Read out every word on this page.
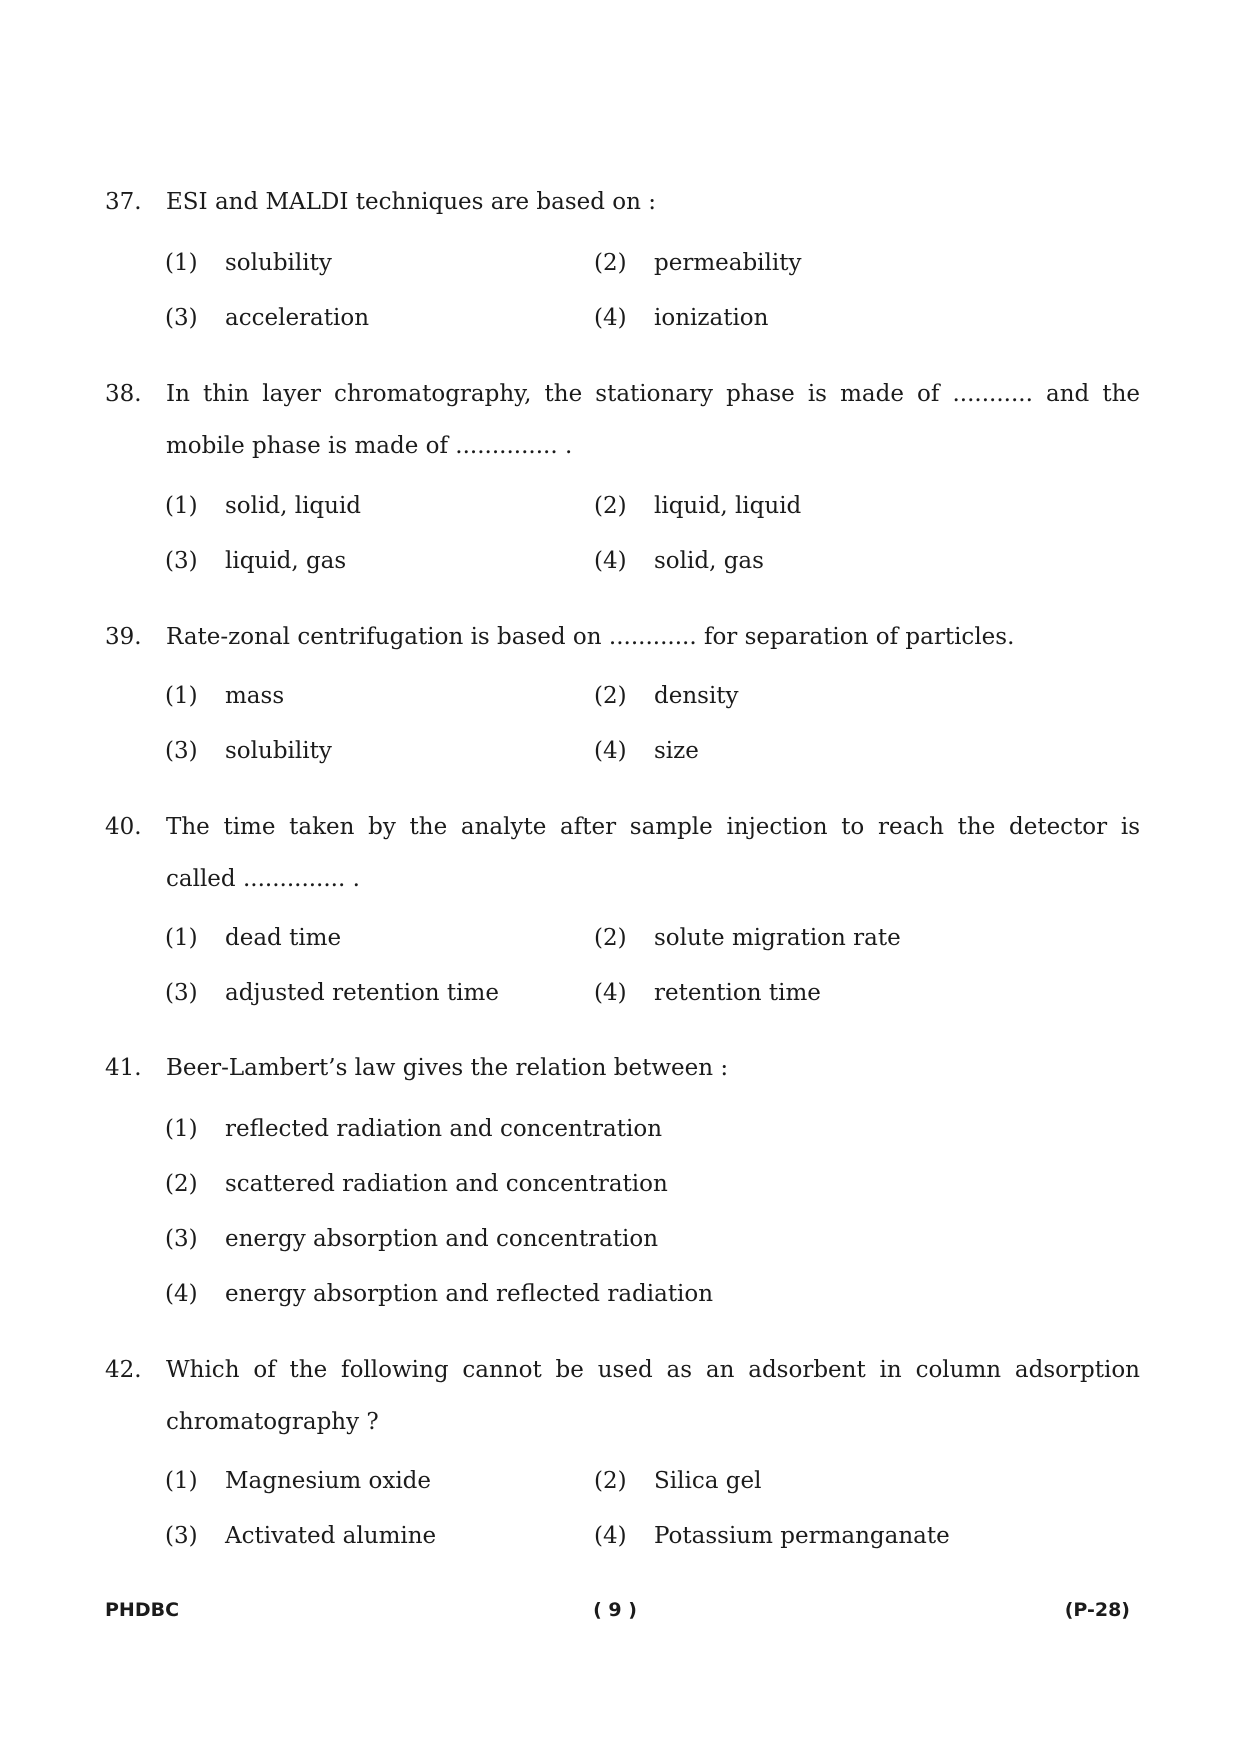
37. ESI and MALDI techniques are based on :
(1) solubility	(2) permeability
(3) acceleration	(4) ionization
38. In thin layer chromatography, the stationary phase is made of ........... and the
mobile phase is made of .............. .
(1) solid, liquid	(2) liquid, liquid
(3) liquid, gas	(4) solid, gas
39. Rate-zonal centrifugation is based on ............ for separation of particles.
(1) mass	(2) density
(3) solubility	(4) size
40. The time taken by the analyte after sample injection to reach the detector is
called .............. .
(1) dead time	(2) solute migration rate
(3) adjusted retention time	(4) retention time
41. Beer-Lambert’s law gives the relation between :
(1) reflected radiation and concentration
(2) scattered radiation and concentration
(3) energy absorption and concentration
(4) energy absorption and reflected radiation
42. Which of the following cannot be used as an adsorbent in column adsorption
chromatography ?
(1) Magnesium oxide	(2) Silica gel
(3) Activated alumine	(4) Potassium permanganate
PHDBC	( 9 )	(P-28)
